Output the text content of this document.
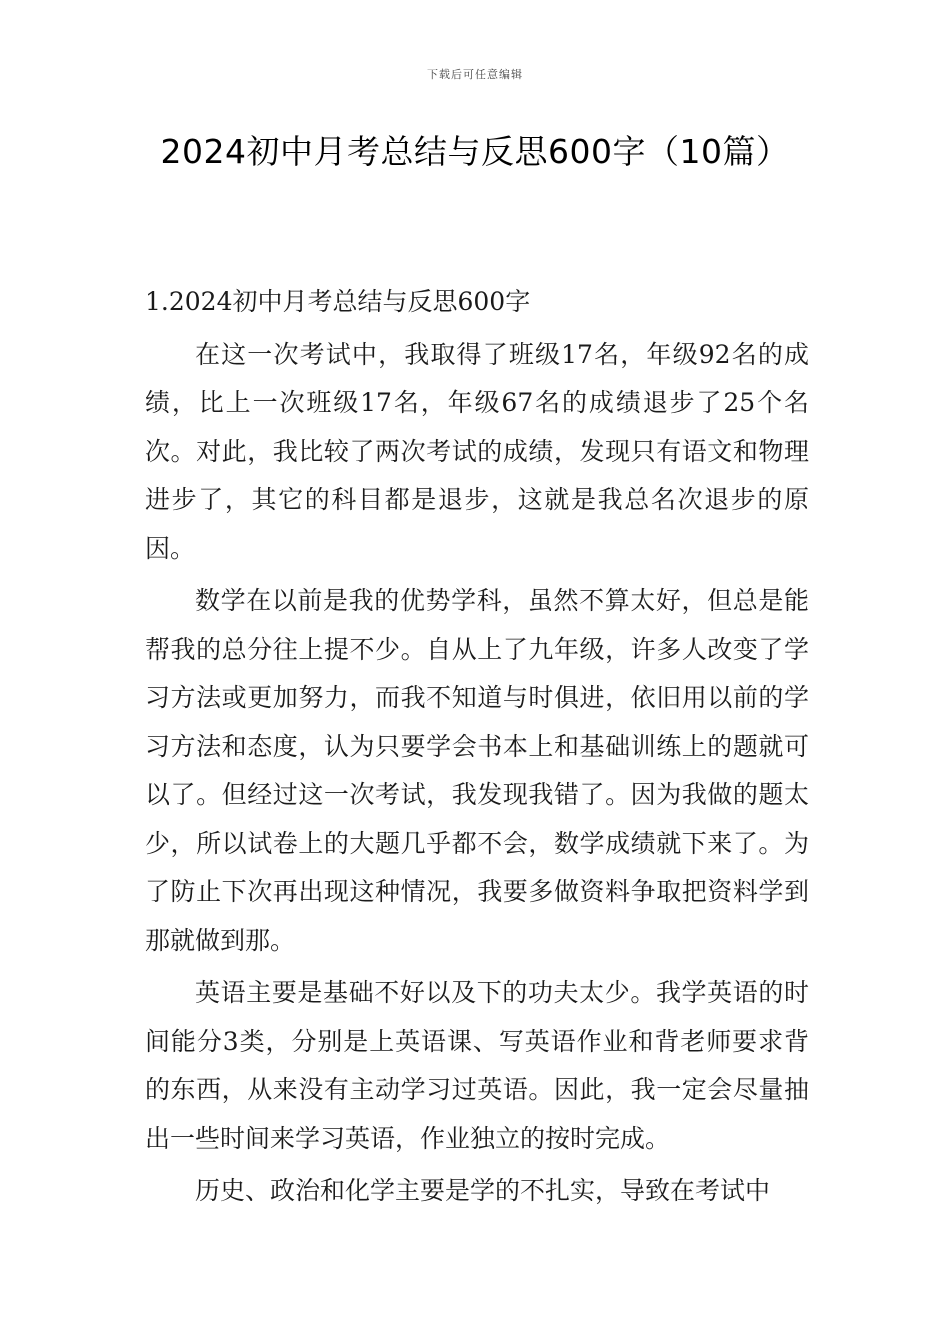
下载后可任意编辑
2024初中月考总结与反思600字（10篇）

1.2024初中月考总结与反思600字

在这一次考试中，我取得了班级17名，年级92名的成绩，比上一次班级17名，年级67名的成绩退步了25个名次。对此，我比较了两次考试的成绩，发现只有语文和物理进步了，其它的科目都是退步，这就是我总名次退步的原因。

数学在以前是我的优势学科，虽然不算太好，但总是能帮我的总分往上提不少。自从上了九年级，许多人改变了学习方法或更加努力，而我不知道与时俱进，依旧用以前的学习方法和态度，认为只要学会书本上和基础训练上的题就可以了。但经过这一次考试，我发现我错了。因为我做的题太少，所以试卷上的大题几乎都不会，数学成绩就下来了。为了防止下次再出现这种情况，我要多做资料争取把资料学到那就做到那。

英语主要是基础不好以及下的功夫太少。我学英语的时间能分3类，分别是上英语课、写英语作业和背老师要求背的东西，从来没有主动学习过英语。因此，我一定会尽量抽出一些时间来学习英语，作业独立的按时完成。

历史、政治和化学主要是学的不扎实，导致在考试中
